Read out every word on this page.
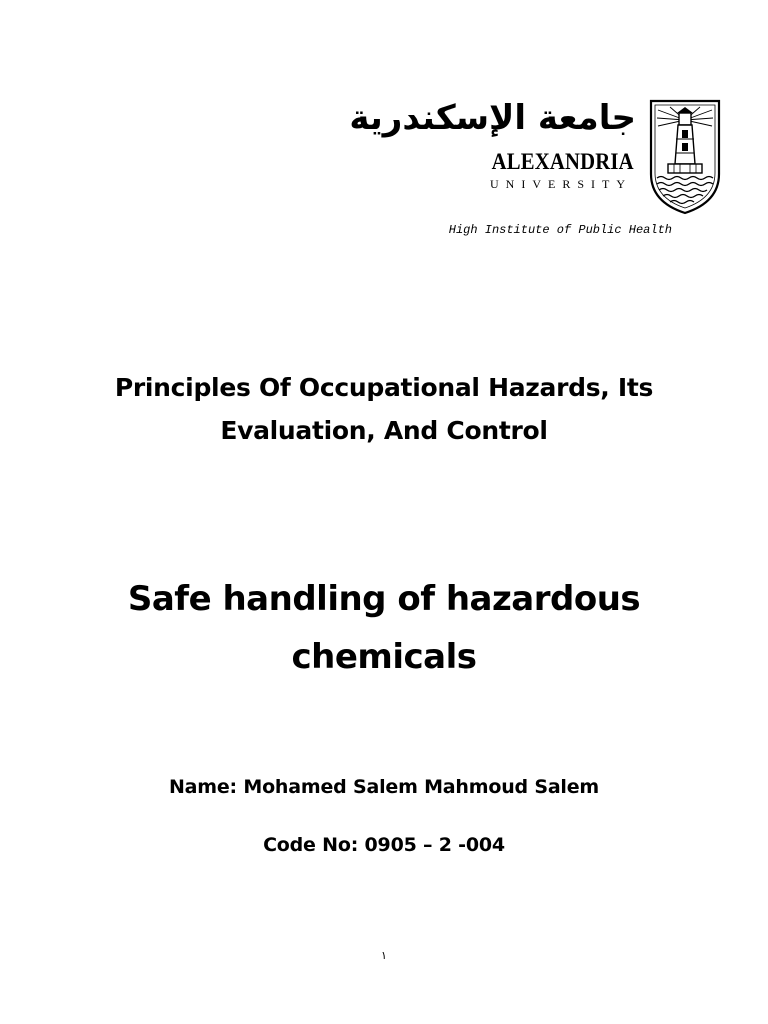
جامعة الإسكندرية
ALEXANDRIA
UNIVERSITY
High Institute of Public Health
Principles Of Occupational Hazards, Its Evaluation, And Control
Safe handling of hazardous chemicals
Name: Mohamed Salem Mahmoud Salem
Code No: 0905 – 2 -004
١
